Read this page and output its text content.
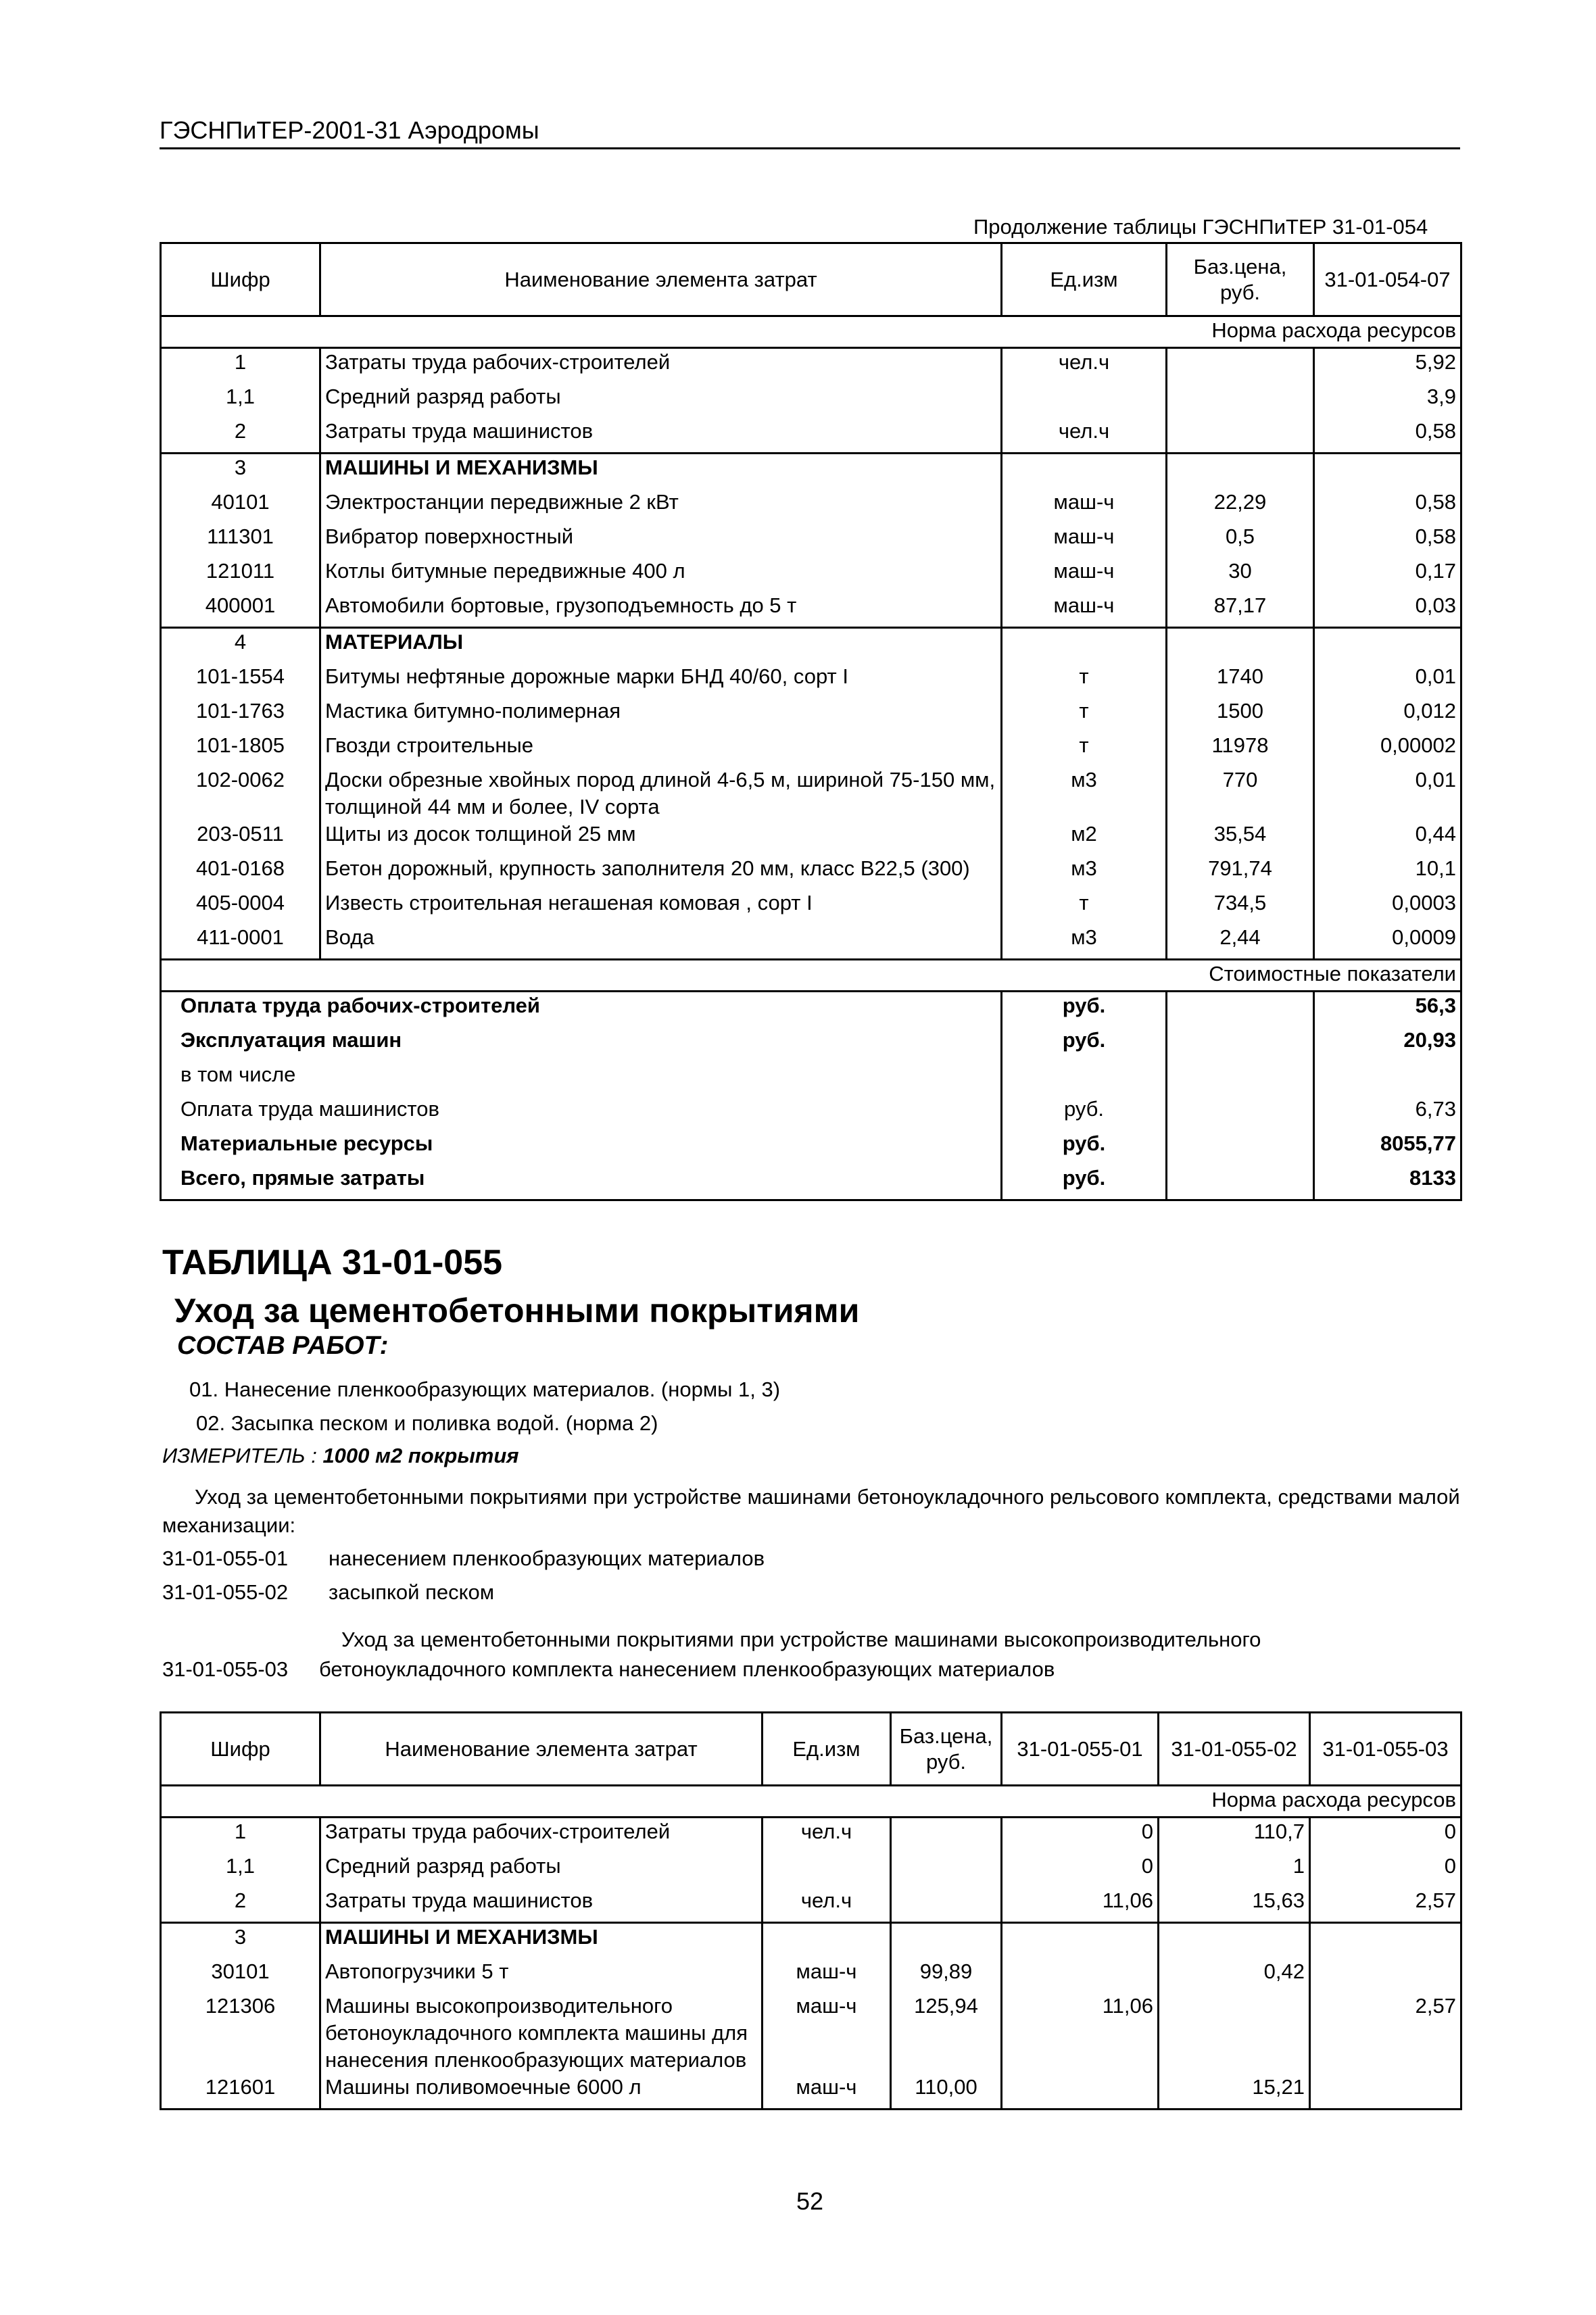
ГЭСНПиТЕР-2001-31 Аэродромы
Продолжение таблицы ГЭСНПиТЕР 31-01-054
Шифр	Наименование элемента затрат	Ед.изм	Баз.цена, руб.	31-01-054-07
Норма расхода ресурсов				
1	Затраты труда рабочих-строителей	чел.ч		5,92
1,1	Средний разряд работы			3,9
2	Затраты труда машинистов	чел.ч		0,58
3	МАШИНЫ И МЕХАНИЗМЫ			
40101	Электростанции передвижные 2 кВт	маш-ч	22,29	0,58
111301	Вибратор поверхностный	маш-ч	0,5	0,58
121011	Котлы битумные передвижные 400 л	маш-ч	30	0,17
400001	Автомобили бортовые, грузоподъемность до 5 т	маш-ч	87,17	0,03
4	МАТЕРИАЛЫ			
101-1554	Битумы нефтяные дорожные марки БНД 40/60, сорт I	т	1740	0,01
101-1763	Мастика битумно-полимерная	т	1500	0,012
101-1805	Гвозди строительные	т	11978	0,00002
102-0062	Доски обрезные хвойных пород длиной 4-6,5 м, шириной 75-150 мм, толщиной 44 мм и более, IV сорта	м3	770	0,01
203-0511	Щиты из досок толщиной 25 мм	м2	35,54	0,44
401-0168	Бетон дорожный, крупность заполнителя 20 мм, класс В22,5 (300)	м3	791,74	10,1
405-0004	Известь строительная негашеная комовая , сорт I	т	734,5	0,0003
411-0001	Вода	м3	2,44	0,0009
Стоимостные показатели				
Оплата труда рабочих-строителей		руб.		56,3
Эксплуатация машин		руб.		20,93
в том числе				
Оплата труда машинистов		руб.		6,73
Материальные ресурсы		руб.		8055,77
Всего, прямые затраты		руб.		8133
ТАБЛИЦА 31-01-055
Уход за цементобетонными покрытиями
СОСТАВ РАБОТ:
01. Нанесение пленкообразующих материалов. (нормы 1, 3)
02. Засыпка песком и поливка водой. (норма 2)
ИЗМЕРИТЕЛЬ : 1000 м2 покрытия
Уход за цементобетонными покрытиями при устройстве машинами бетоноукладочного рельсового комплекта, средствами малой механизации:
31-01-055-01 нанесением пленкообразующих материалов
31-01-055-02 засыпкой песком
Уход за цементобетонными покрытиями при устройстве машинами высокопроизводительного
31-01-055-03 бетоноукладочного комплекта нанесением пленкообразующих материалов
Шифр	Наименование элемента затрат	Ед.изм	Баз.цена, руб.	31-01-055-01	31-01-055-02	31-01-055-03
Норма расхода ресурсов						
1	Затраты труда рабочих-строителей	чел.ч		0	110,7	0
1,1	Средний разряд работы			0	1	0
2	Затраты труда машинистов	чел.ч		11,06	15,63	2,57
3	МАШИНЫ И МЕХАНИЗМЫ					
30101	Автопогрузчики 5 т	маш-ч	99,89		0,42	
121306	Машины высокопроизводительного бетоноукладочного комплекта машины для нанесения пленкообразующих материалов	маш-ч	125,94	11,06		2,57
121601	Машины поливомоечные 6000 л	маш-ч	110,00		15,21	
52
